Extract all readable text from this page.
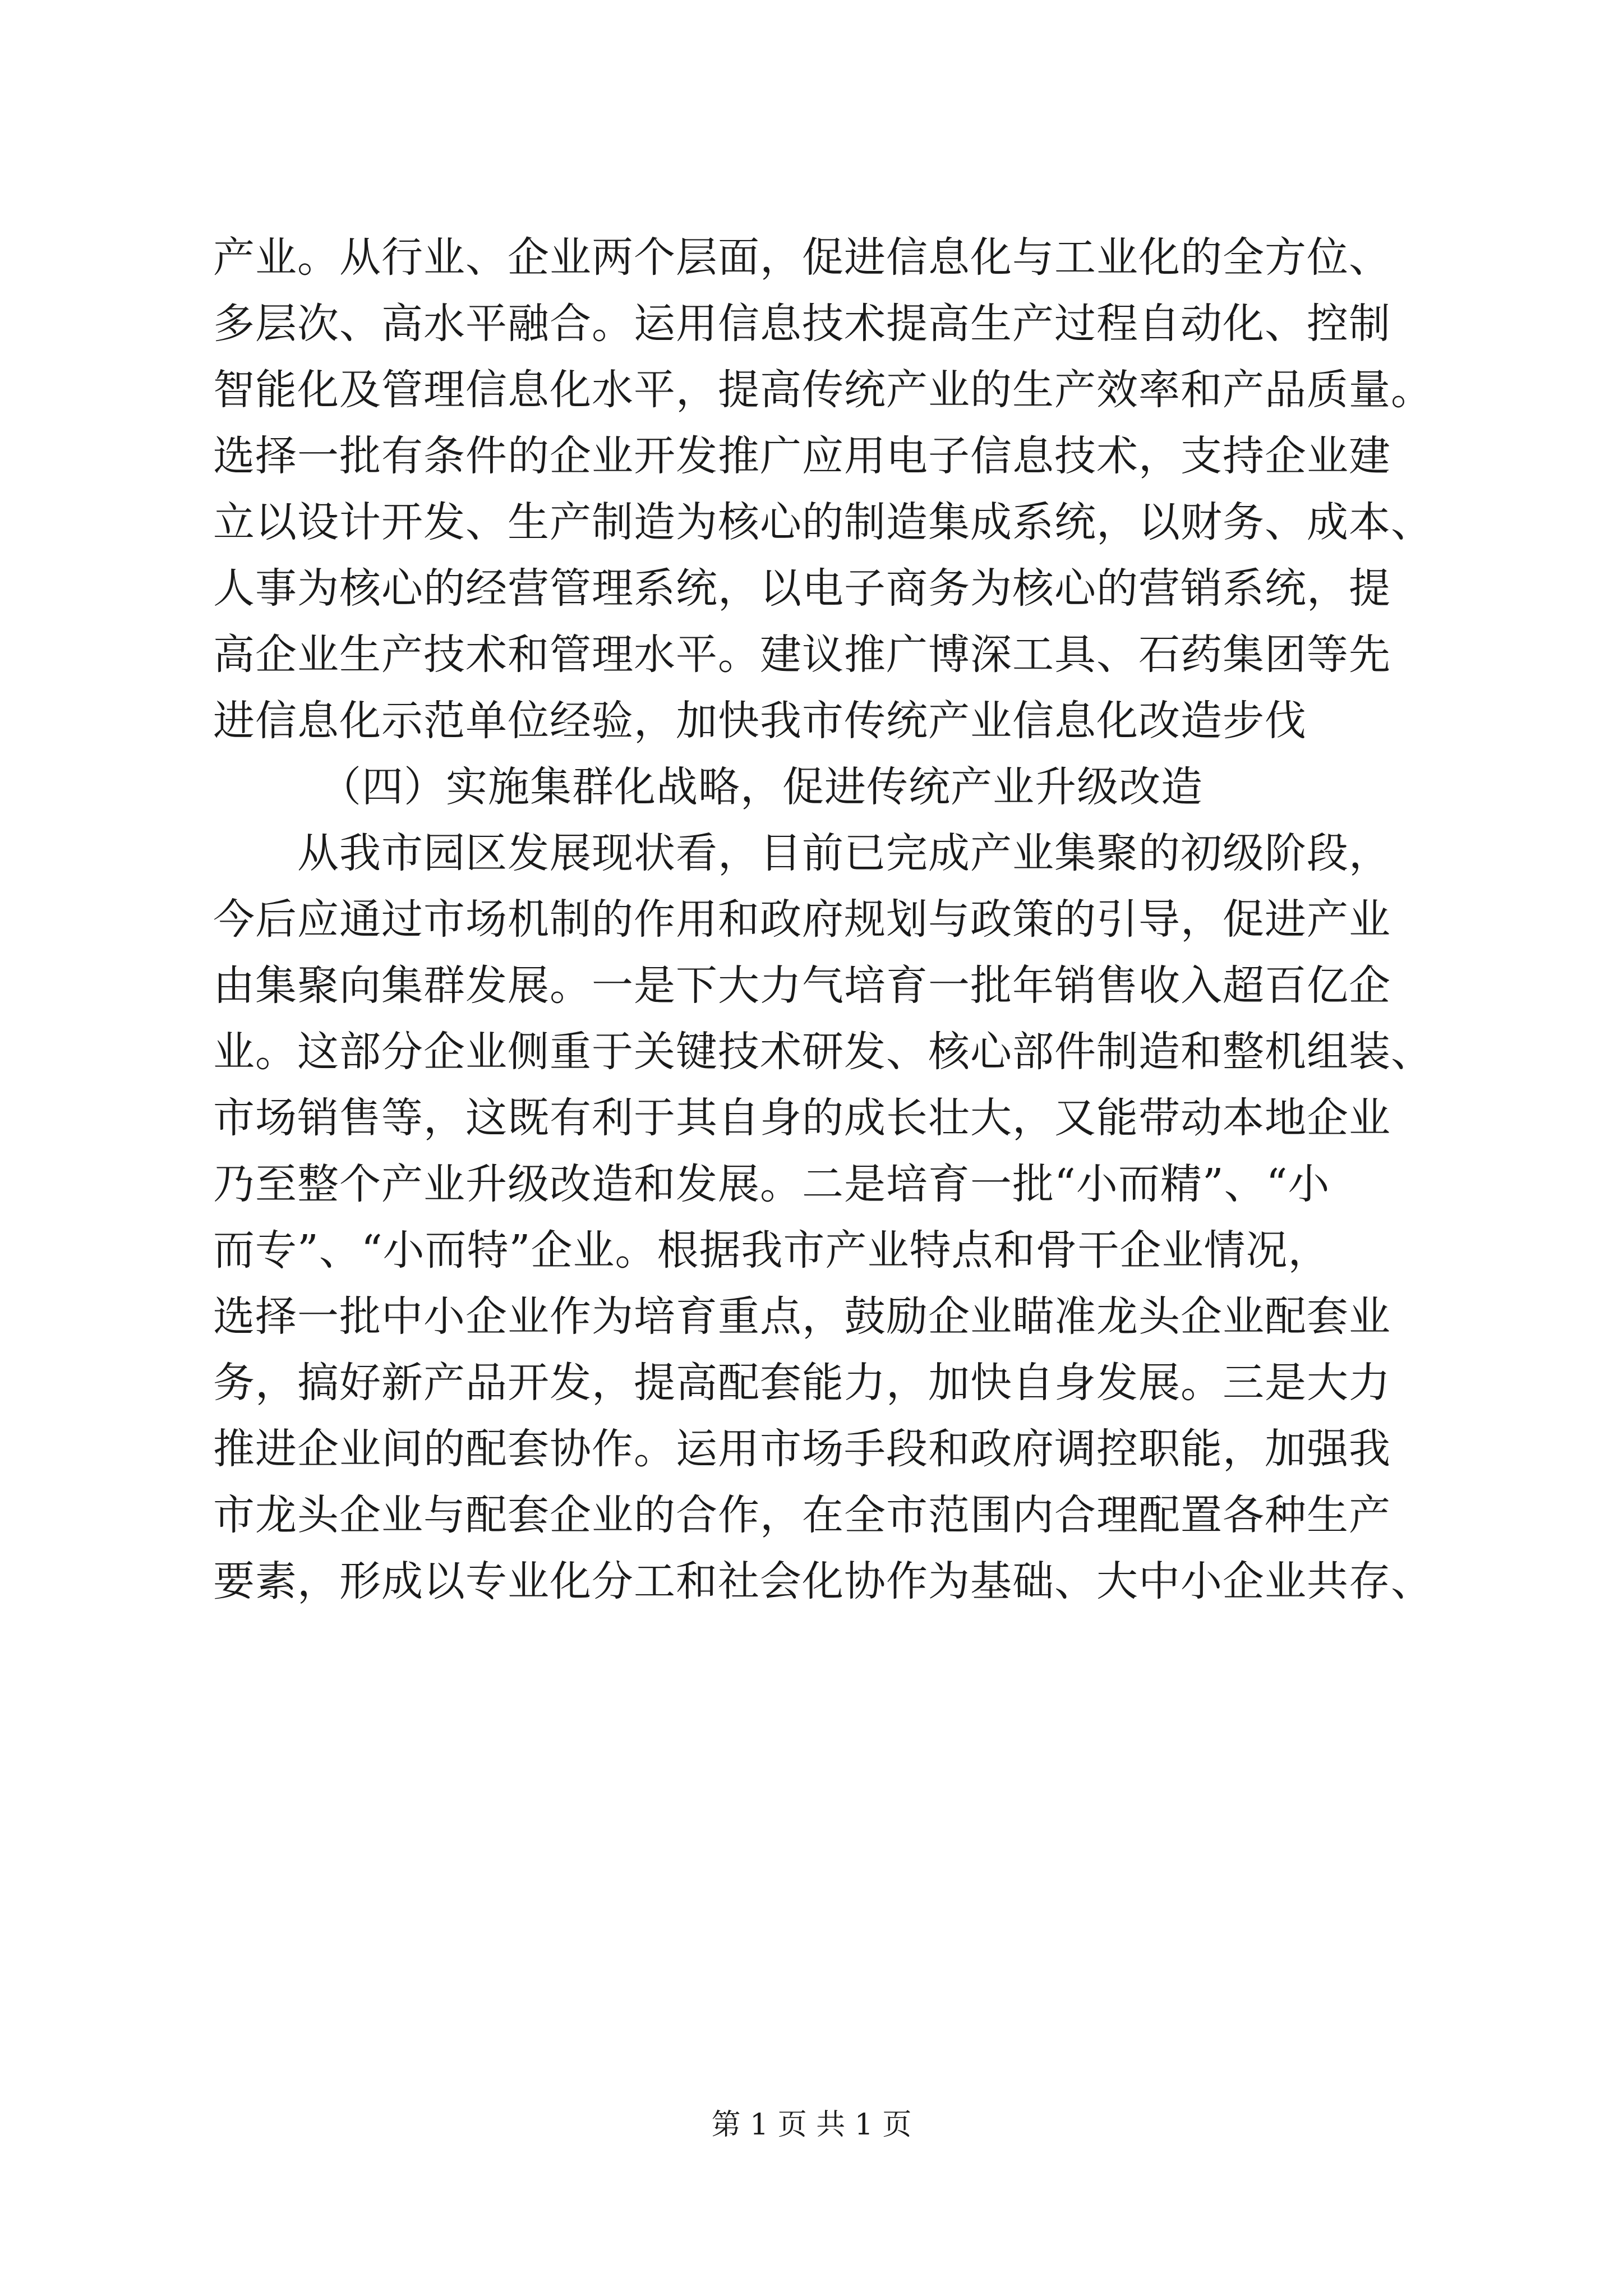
产业。从行业、企业两个层面，促进信息化与工业化的全方位、
多层次、高水平融合。运用信息技术提高生产过程自动化、控制
智能化及管理信息化水平，提高传统产业的生产效率和产品质量。
选择一批有条件的企业开发推广应用电子信息技术，支持企业建
立以设计开发、生产制造为核心的制造集成系统，以财务、成本、
人事为核心的经营管理系统，以电子商务为核心的营销系统，提
高企业生产技术和管理水平。建议推广博深工具、石药集团等先
进信息化示范单位经验，加快我市传统产业信息化改造步伐
（四）实施集群化战略，促进传统产业升级改造
从我市园区发展现状看，目前已完成产业集聚的初级阶段，
今后应通过市场机制的作用和政府规划与政策的引导，促进产业
由集聚向集群发展。一是下大力气培育一批年销售收入超百亿企
业。这部分企业侧重于关键技术研发、核心部件制造和整机组装、
市场销售等，这既有利于其自身的成长壮大，又能带动本地企业
乃至整个产业升级改造和发展。二是培育一批“小而精”、“小
而专”、“小而特”企业。根据我市产业特点和骨干企业情况，
选择一批中小企业作为培育重点，鼓励企业瞄准龙头企业配套业
务，搞好新产品开发，提高配套能力，加快自身发展。三是大力
推进企业间的配套协作。运用市场手段和政府调控职能，加强我
市龙头企业与配套企业的合作，在全市范围内合理配置各种生产
要素，形成以专业化分工和社会化协作为基础、大中小企业共存、
第 1 页 共 1 页
